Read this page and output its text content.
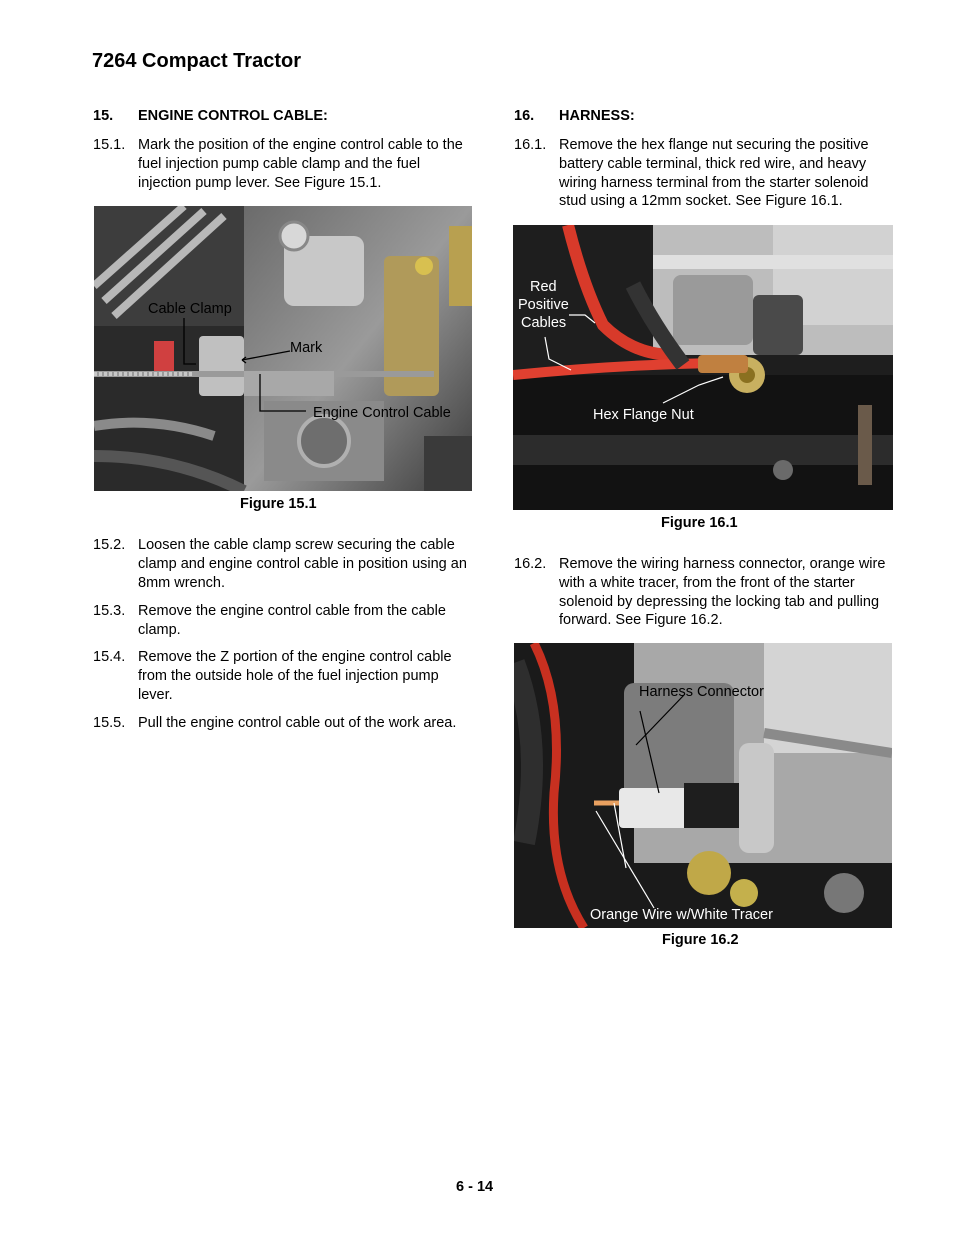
7264 Compact Tractor
15. ENGINE CONTROL CABLE:
15.1. Mark the position of the engine control cable to the fuel injection pump cable clamp and the fuel injection pump lever. See Figure 15.1.
Cable Clamp
Mark
Engine Control Cable
Figure 15.1
15.2. Loosen the cable clamp screw securing the cable clamp and engine control cable in position using an 8mm wrench.
15.3. Remove the engine control cable from the cable clamp.
15.4. Remove the Z portion of the engine control cable from the outside hole of the fuel injection pump lever.
15.5. Pull the engine control cable out of the work area.
16. HARNESS:
16.1. Remove the hex flange nut securing the positive battery cable terminal, thick red wire, and heavy wiring harness terminal from the starter solenoid stud using a 12mm socket. See Figure 16.1.
Red
Positive
Cables
Hex Flange Nut
Figure 16.1
16.2. Remove the wiring harness connector, orange wire with a white tracer, from the front of the starter solenoid by depressing the locking tab and pulling forward. See Figure 16.2.
Harness Connector
Orange Wire w/White Tracer
Figure 16.2
6 - 14
